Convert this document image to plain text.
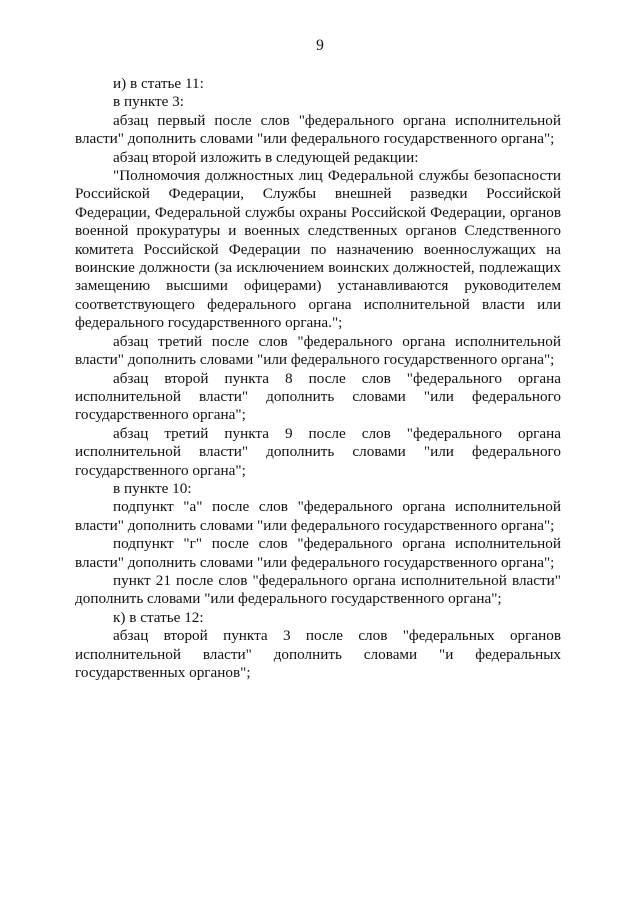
9

и) в статье 11:

в пункте 3:

абзац первый после слов "федерального органа исполнительной власти" дополнить словами "или федерального государственного органа";

абзац второй изложить в следующей редакции:

"Полномочия должностных лиц Федеральной службы безопасности Российской Федерации, Службы внешней разведки Российской Федерации, Федеральной службы охраны Российской Федерации, органов военной прокуратуры и военных следственных органов Следственного комитета Российской Федерации по назначению военнослужащих на воинские должности (за исключением воинских должностей, подлежащих замещению высшими офицерами) устанавливаются руководителем соответствующего федерального органа исполнительной власти или федерального государственного органа.";

абзац третий после слов "федерального органа исполнительной власти" дополнить словами "или федерального государственного органа";

абзац второй пункта 8 после слов "федерального органа исполнительной власти" дополнить словами "или федерального государственного органа";

абзац третий пункта 9 после слов "федерального органа исполнительной власти" дополнить словами "или федерального государственного органа";

в пункте 10:

подпункт "а" после слов "федерального органа исполнительной власти" дополнить словами "или федерального государственного органа";

подпункт "г" после слов "федерального органа исполнительной власти" дополнить словами "или федерального государственного органа";

пункт 21 после слов "федерального органа исполнительной власти" дополнить словами "или федерального государственного органа";

к) в статье 12:

абзац второй пункта 3 после слов "федеральных органов исполнительной власти" дополнить словами "и федеральных государственных органов";
